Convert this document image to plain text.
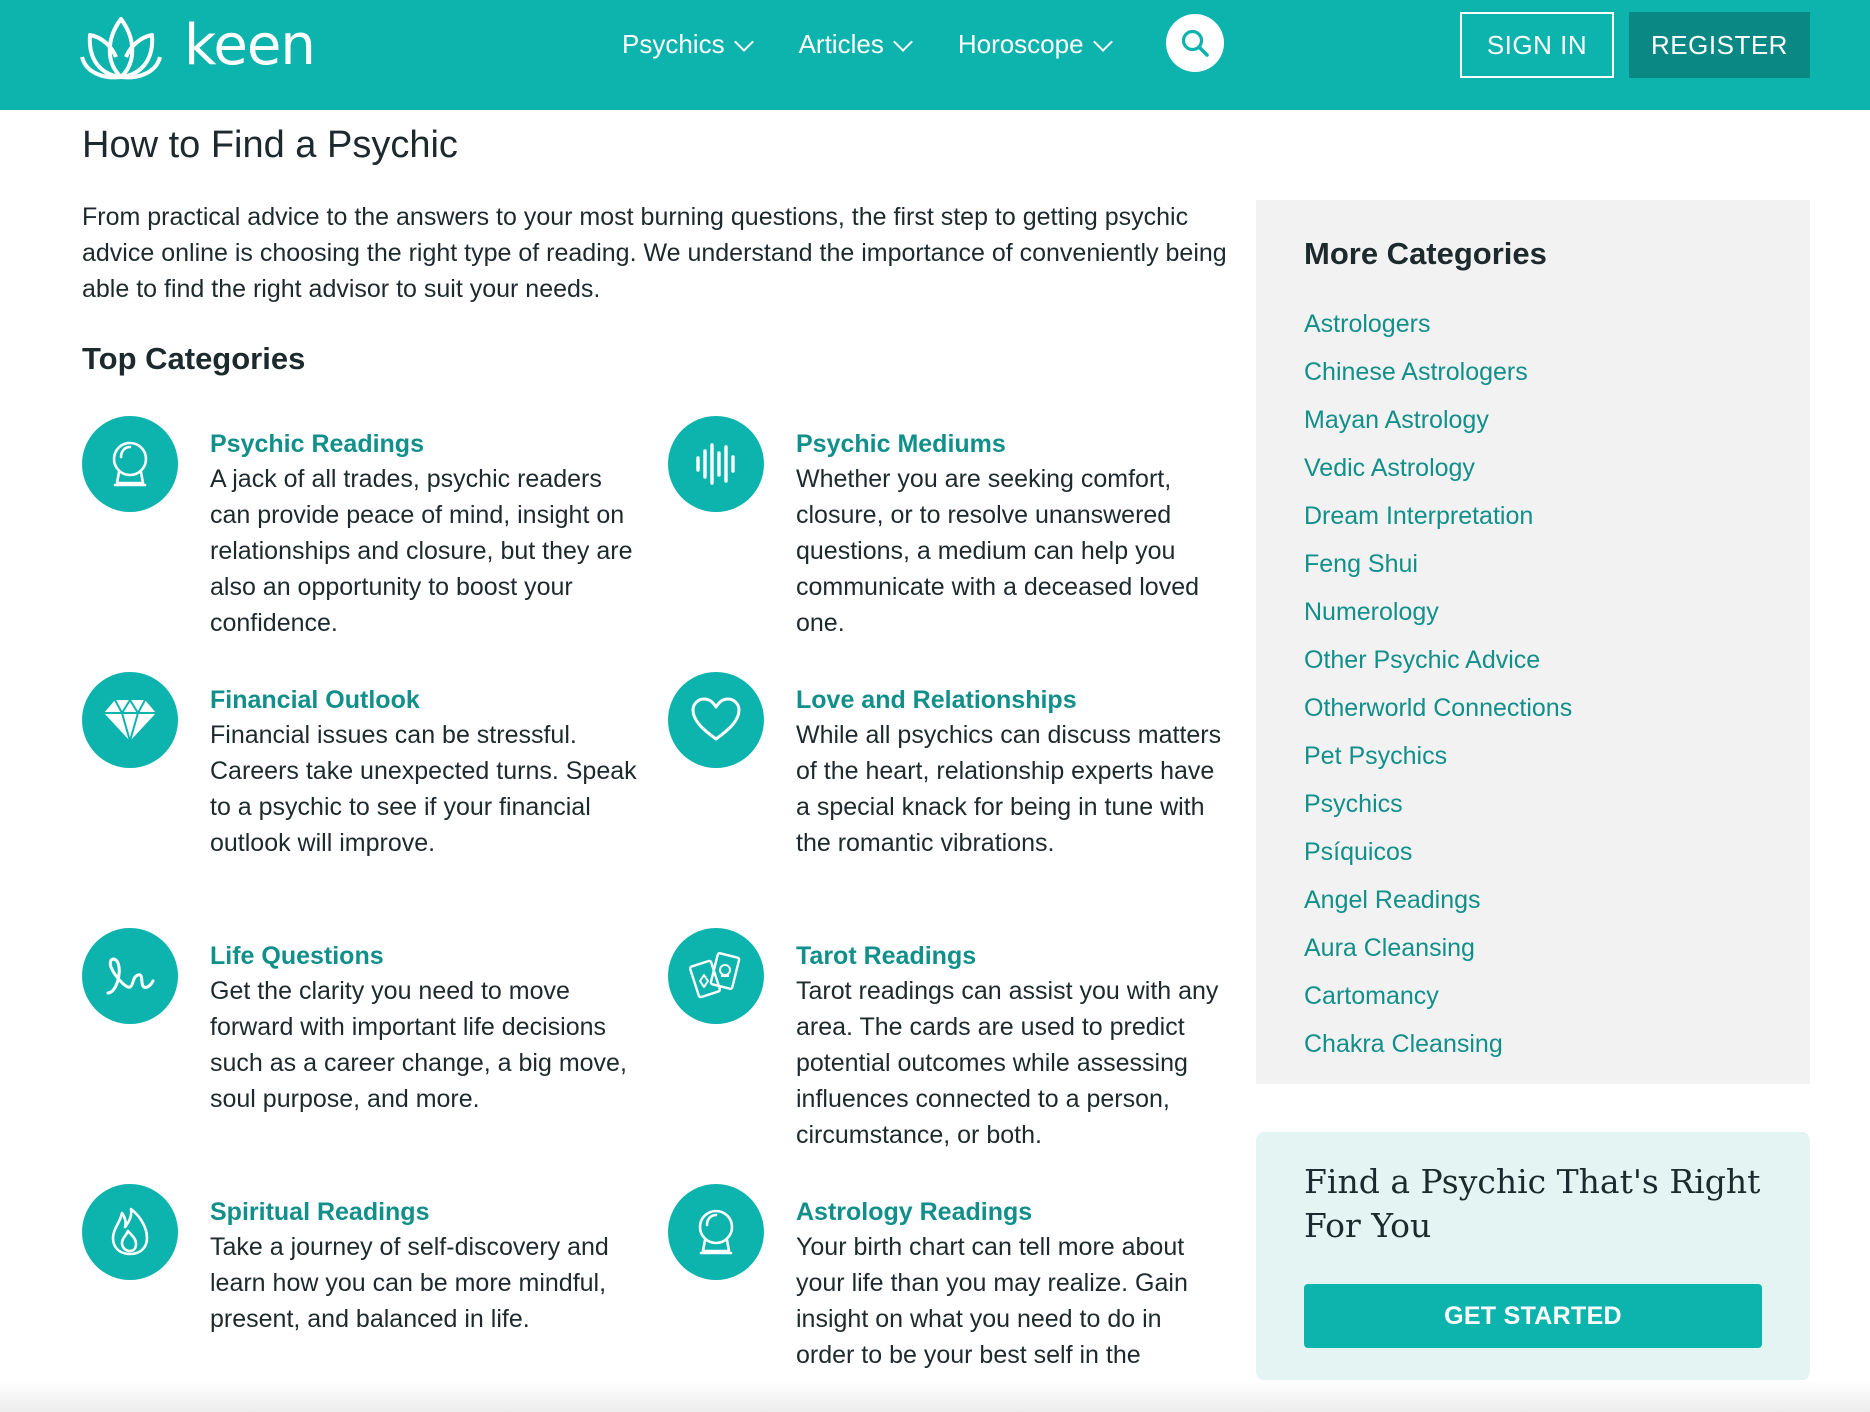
keen	Psychics	Articles	Horoscope	SIGN IN	REGISTER
How to Find a Psychic

From practical advice to the answers to your most burning questions, the first step to getting psychic advice online is choosing the right type of reading. We understand the importance of conveniently being able to find the right advisor to suit your needs.

Top Categories
Psychic Readings
A jack of all trades, psychic readers can provide peace of mind, insight on relationships and closure, but they are also an opportunity to boost your confidence.
Psychic Mediums
Whether you are seeking comfort, closure, or to resolve unanswered questions, a medium can help you communicate with a deceased loved one.
Financial Outlook
Financial issues can be stressful. Careers take unexpected turns. Speak to a psychic to see if your financial outlook will improve.
Love and Relationships
While all psychics can discuss matters of the heart, relationship experts have a special knack for being in tune with the romantic vibrations.
Life Questions
Get the clarity you need to move forward with important life decisions such as a career change, a big move, soul purpose, and more.
Tarot Readings
Tarot readings can assist you with any area. The cards are used to predict potential outcomes while assessing influences connected to a person, circumstance, or both.
Spiritual Readings
Take a journey of self-discovery and learn how you can be more mindful, present, and balanced in life.
Astrology Readings
Your birth chart can tell more about your life than you may realize. Gain insight on what you need to do in order to be your best self in the
More Categories
Astrologers
Chinese Astrologers
Mayan Astrology
Vedic Astrology
Dream Interpretation
Feng Shui
Numerology
Other Psychic Advice
Otherworld Connections
Pet Psychics
Psychics
Psíquicos
Angel Readings
Aura Cleansing
Cartomancy
Chakra Cleansing
Find a Psychic That's Right For You
GET STARTED
